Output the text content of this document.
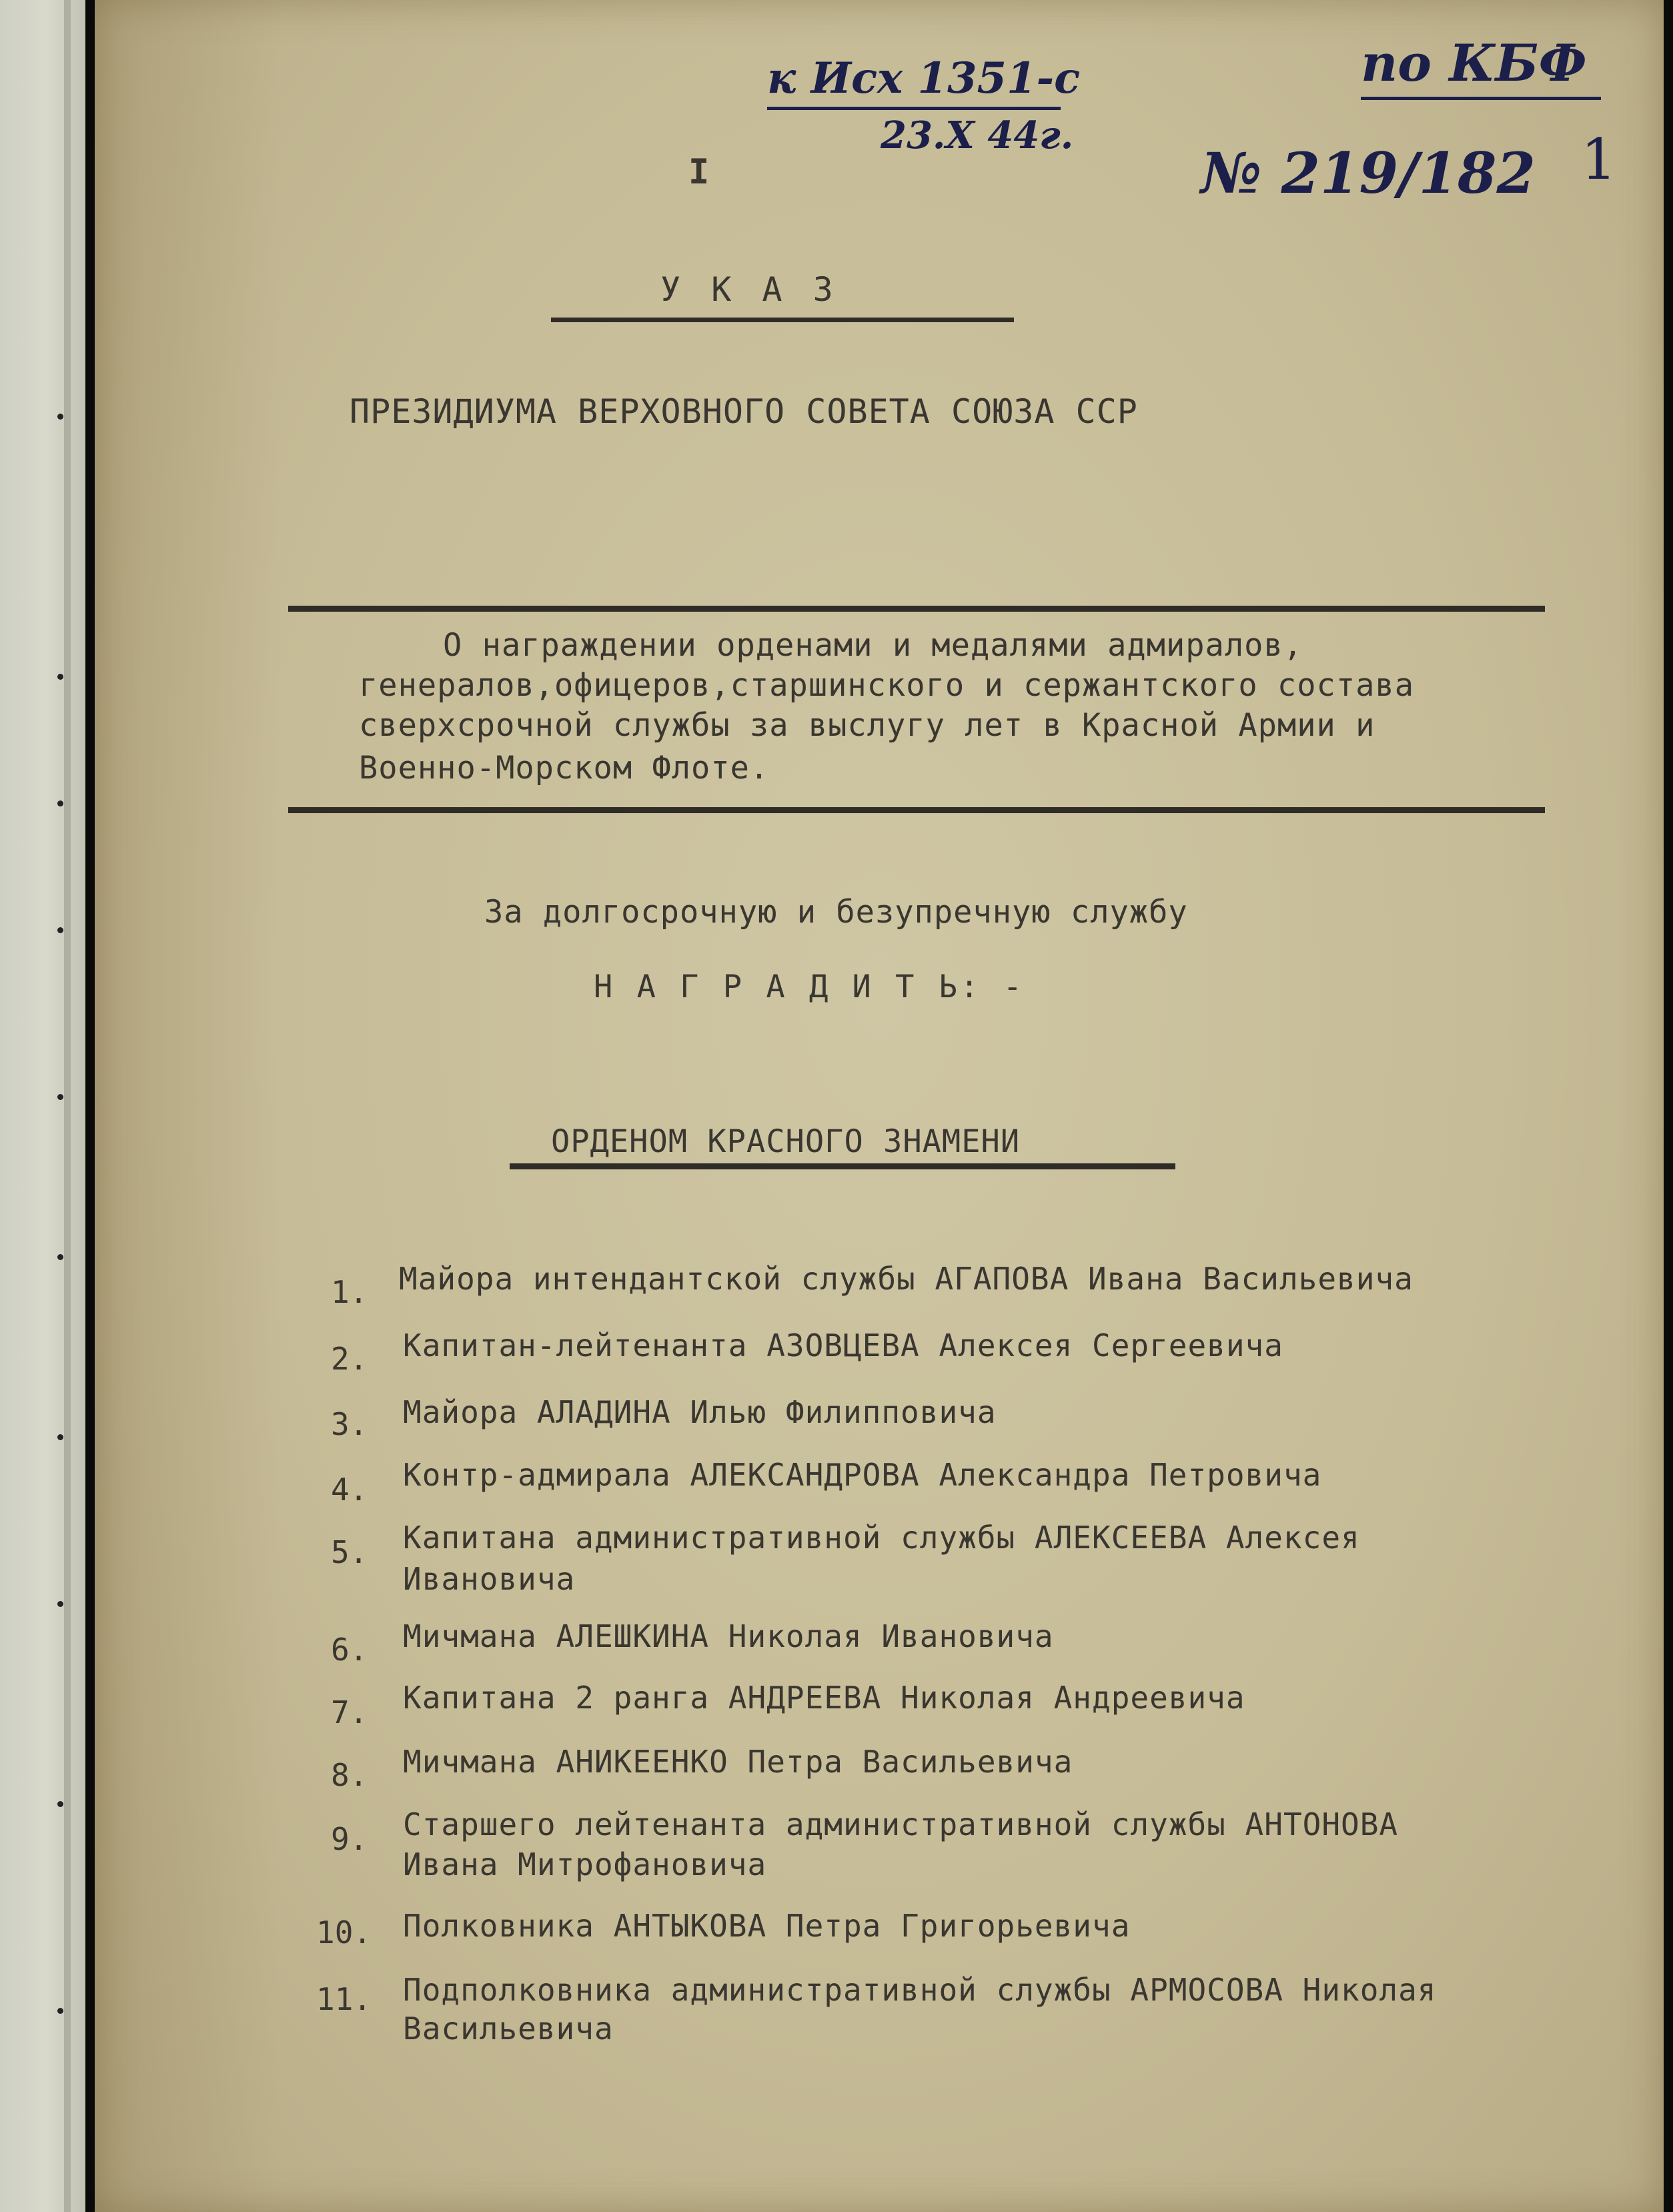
к Исх 1351-с
23.X 44г.
по КБФ
№ 219/182 1
I
У К А З
ПРЕЗИДИУМА ВЕРХОВНОГО СОВЕТА СОЮЗА ССР
О награждении орденами и медалями адмиралов,
генералов,офицеров,старшинского и сержантского состава
сверхсрочной службы за выслугу лет в Красной Армии и
Военно-Морском Флоте.
За долгосрочную и безупречную службу
Н А Г Р А Д И Т Ь: -
ОРДЕНОМ КРАСНОГО ЗНАМЕНИ
1. Майора интендантской службы АГАПОВА Ивана Васильевича
2. Капитан-лейтенанта АЗОВЦЕВА Алексея Сергеевича
3. Майора АЛАДИНА Илью Филипповича
4. Контр-адмирала АЛЕКСАНДРОВА Александра Петровича
5. Капитана административной службы АЛЕКСЕЕВА Алексея
Ивановича
6. Мичмана АЛЕШКИНА Николая Ивановича
7. Капитана 2 ранга АНДРЕЕВА Николая Андреевича
8. Мичмана АНИКЕЕНКО Петра Васильевича
9. Старшего лейтенанта административной службы АНТОНОВА
Ивана Митрофановича
10. Полковника АНТЫКОВА Петра Григорьевича
11. Подполковника административной службы АРМОСОВА Николая
Васильевича
